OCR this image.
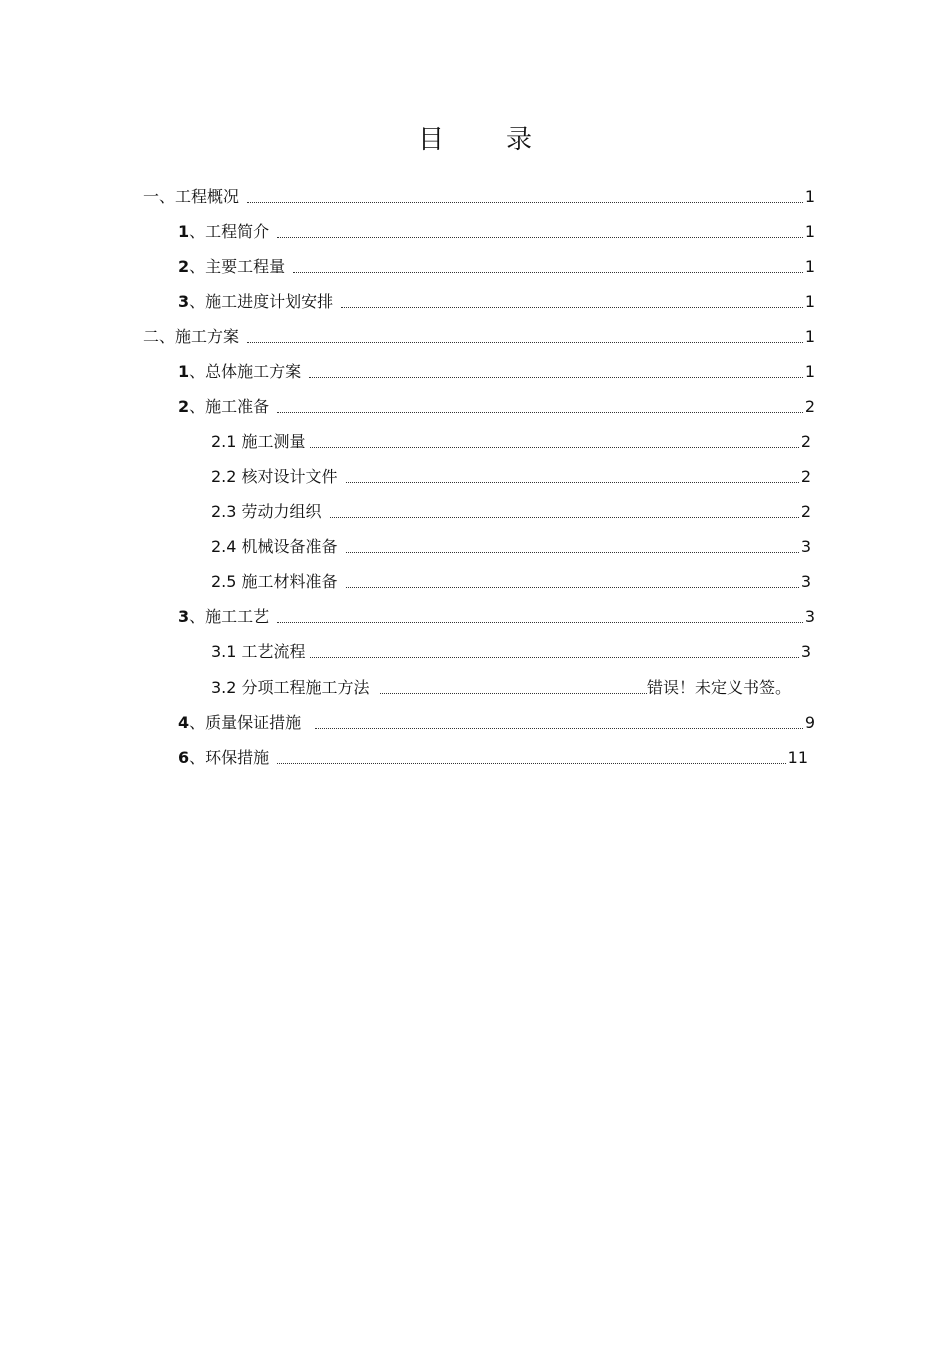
目 录
一、工程概况	1
1、工程简介	1
2、主要工程量	1
3、施工进度计划安排	1
二、施工方案	1
1、总体施工方案	1
2、施工准备	2
2.1 施工测量	2
2.2 核对设计文件	2
2.3 劳动力组织	2
2.4 机械设备准备	3
2.5 施工材料准备	3
3、施工工艺	3
3.1 工艺流程	3
3.2 分项工程施工方法	错误！未定义书签。
4、质量保证措施	9
6、环保措施	11
